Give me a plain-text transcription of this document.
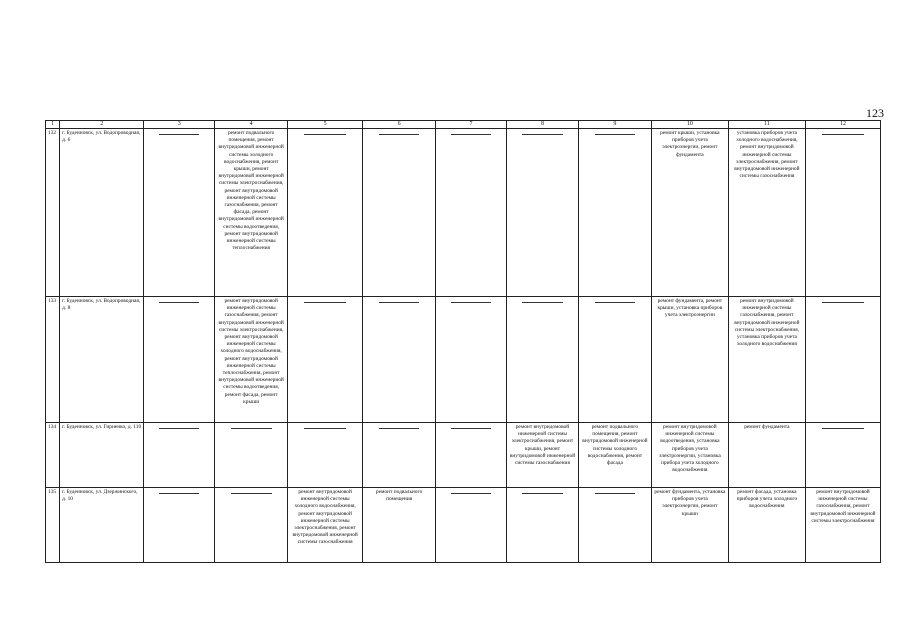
123
1	2	3	4	5	6	7	8	9	10	11	12
132	г. Буденновск, ул. Водопроводная, д. 6		ремонт подвального помещения, ремонт внутридомовой инженерной системы холодного водоснабжения, ремонт крыши, ремонт внутридомовой инженерной системы электроснабжения, ремонт внутридомовой инженерной системы газоснабжения, ремонт фасада, ремонт внутридомовой инженерной системы водоотведения, ремонт внутридомовой инженерной системы теплоснабжения						ремонт крыши, установка приборов учета электроэнергии, ремонт фундамента	установка приборов учета холодного водоснабжения, ремонт внутридомовой инженерной системы электроснабжения, ремонт внутридомовой инженерной системы газоснабжения	

133	г. Буденновск, ул. Водопроводная, д. 8		ремонт внутридомовой инженерной системы газоснабжения, ремонт внутридомовой инженерной системы электроснабжения, ремонт внутридомовой инженерной системы холодного водоснабжения, ремонт внутридомовой инженерной системы теплоснабжения, ремонт внутридомовой инженерной системы водоотведения, ремонт фасада, ремонт крыши						ремонт фундамента, ремонт крыши, установка приборов учета электроэнергии	ремонт внутридомовой инженерной системы газоснабжения, ремонт внутридомовой инженерной системы электроснабжения, установка приборов учета холодного водоснабжения	

134	г. Буденновск, ул. Гириенко, д. 110						ремонт внутридомовой инженерной системы электроснабжения, ремонт крыши, ремонт внутридомовой инженерной системы газоснабжения	ремонт подвального помещения, ремонт внутридомовой инженерной системы холодного водоснабжения, ремонт фасада	ремонт внутридомовой инженерной системы водоотведения, установка приборов учета электроэнергии, установка прибора учета холодного водоснабжения	ремонт фундамента	

135	г. Буденновск, ул. Дзержинского, д. 10			ремонт внутридомовой инженерной системы холодного водоснабжения, ремонт внутридомовой инженерной системы электроснабжения, ремонт внутридомовой инженерной системы газоснабжения	ремонт подвального помещения				ремонт фундамента, установка приборов учета электроэнергии, ремонт крыши	ремонт фасада, установка приборов учета холодного водоснабжения	ремонт внутридомовой инженерной системы газоснабжения, ремонт внутридомовой инженерной системы электроснабжения
